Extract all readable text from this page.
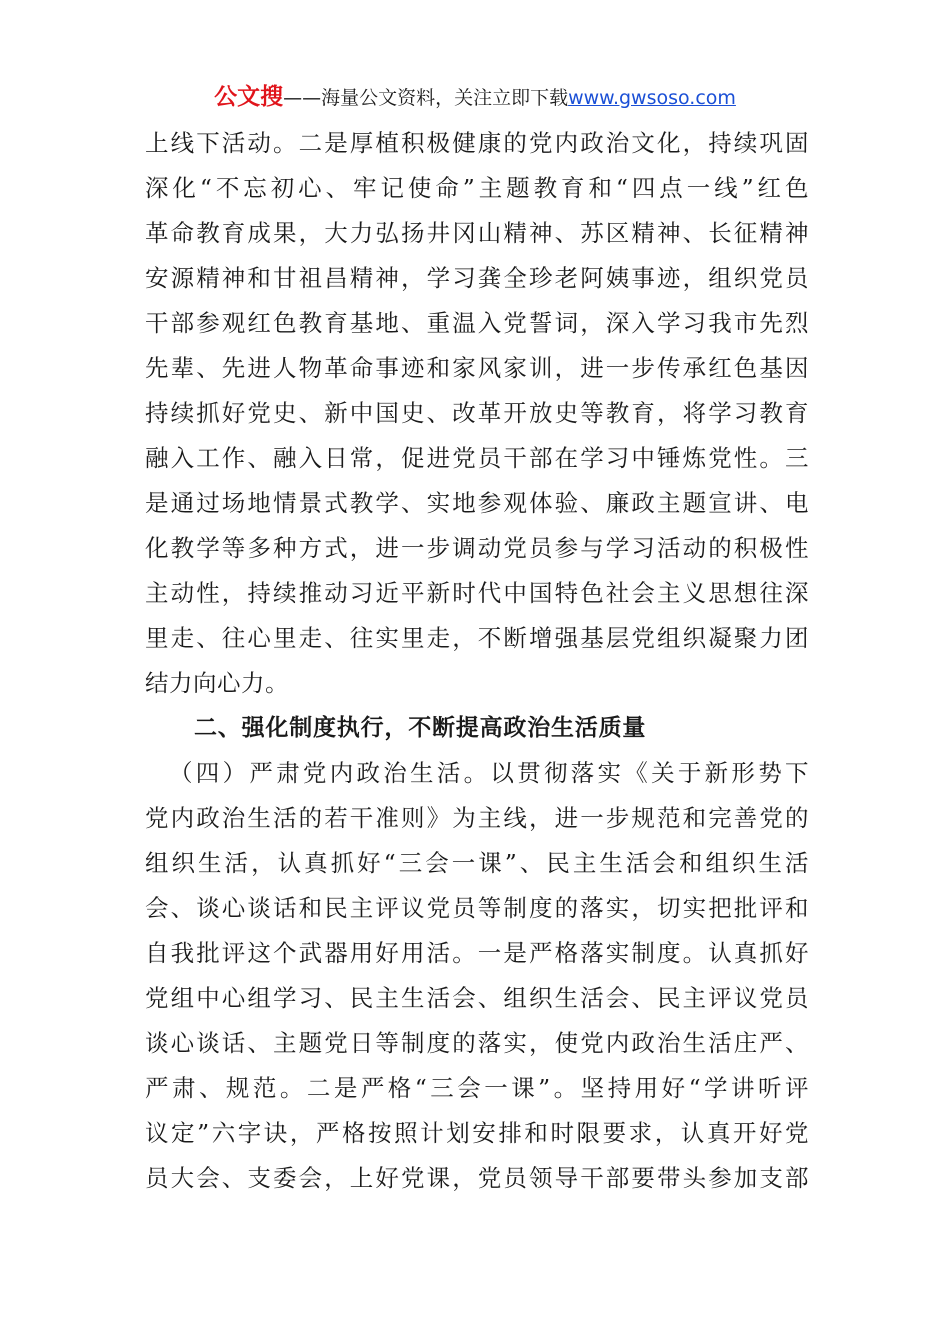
公文搜——海量公文资料，关注立即下载www.gwsoso.com
上线下活动。二是厚植积极健康的党内政治文化，持续巩固
深化“不忘初心、牢记使命”主题教育和“四点一线”红色
革命教育成果，大力弘扬井冈山精神、苏区精神、长征精神
安源精神和甘祖昌精神，学习龚全珍老阿姨事迹，组织党员
干部参观红色教育基地、重温入党誓词，深入学习我市先烈
先辈、先进人物革命事迹和家风家训，进一步传承红色基因
持续抓好党史、新中国史、改革开放史等教育，将学习教育
融入工作、融入日常，促进党员干部在学习中锤炼党性。三
是通过场地情景式教学、实地参观体验、廉政主题宣讲、电
化教学等多种方式，进一步调动党员参与学习活动的积极性
主动性，持续推动习近平新时代中国特色社会主义思想往深
里走、往心里走、往实里走，不断增强基层党组织凝聚力团
结力向心力。
二、强化制度执行，不断提高政治生活质量
（四）严肃党内政治生活。以贯彻落实《关于新形势下
党内政治生活的若干准则》为主线，进一步规范和完善党的
组织生活，认真抓好“三会一课”、民主生活会和组织生活
会、谈心谈话和民主评议党员等制度的落实，切实把批评和
自我批评这个武器用好用活。一是严格落实制度。认真抓好
党组中心组学习、民主生活会、组织生活会、民主评议党员
谈心谈话、主题党日等制度的落实，使党内政治生活庄严、
严肃、规范。二是严格“三会一课”。坚持用好“学讲听评
议定”六字诀，严格按照计划安排和时限要求，认真开好党
员大会、支委会，上好党课，党员领导干部要带头参加支部
